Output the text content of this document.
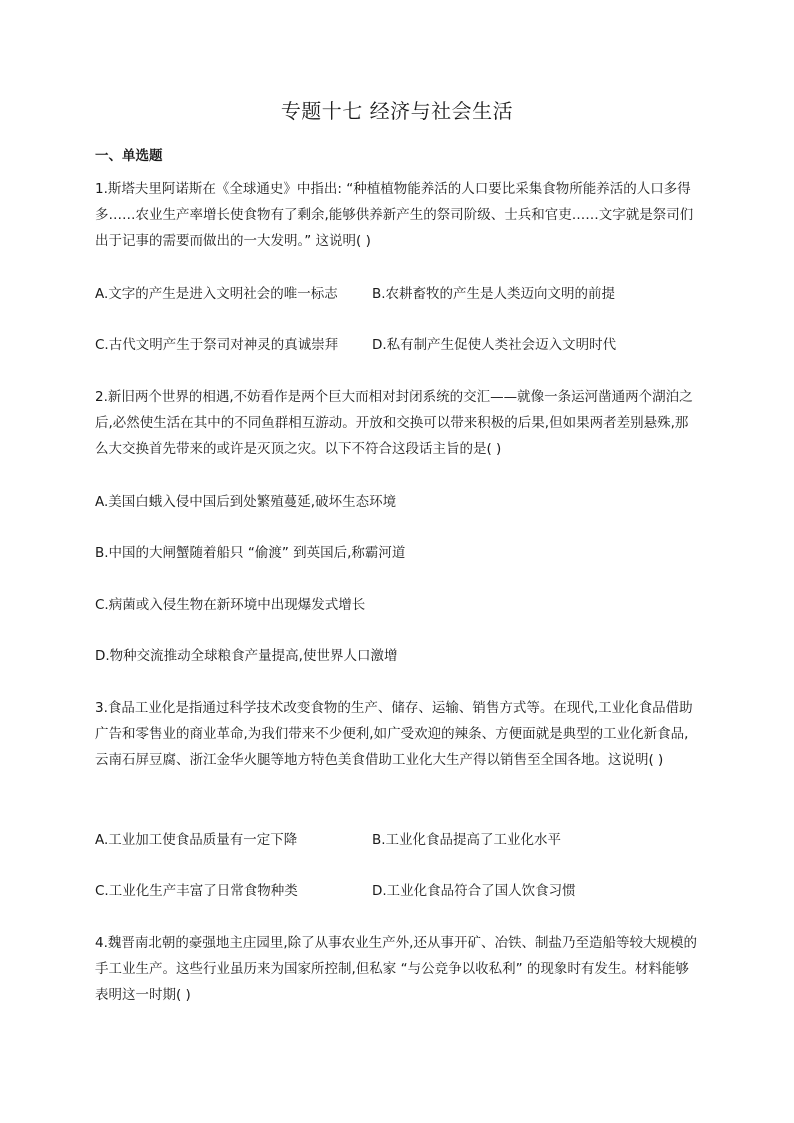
专题十七 经济与社会生活
一、单选题
1.斯塔夫里阿诺斯在《全球通史》中指出: “种植植物能养活的人口要比采集食物所能养活的人口多得多……农业生产率增长使食物有了剩余,能够供养新产生的祭司阶级、士兵和官吏……文字就是祭司们出于记事的需要而做出的一大发明。” 这说明( )
A.文字的产生是进入文明社会的唯一标志	B.农耕畜牧的产生是人类迈向文明的前提
C.古代文明产生于祭司对神灵的真诚崇拜	D.私有制产生促使人类社会迈入文明时代
2.新旧两个世界的相遇,不妨看作是两个巨大而相对封闭系统的交汇——就像一条运河凿通两个湖泊之后,必然使生活在其中的不同鱼群相互游动。开放和交换可以带来积极的后果,但如果两者差别悬殊,那么大交换首先带来的或许是灭顶之灾。以下不符合这段话主旨的是( )
A.美国白蛾入侵中国后到处繁殖蔓延,破坏生态环境
B.中国的大闸蟹随着船只 “偷渡” 到英国后,称霸河道
C.病菌或入侵生物在新环境中出现爆发式增长
D.物种交流推动全球粮食产量提高,使世界人口激增
3.食品工业化是指通过科学技术改变食物的生产、储存、运输、销售方式等。在现代,工业化食品借助广告和零售业的商业革命,为我们带来不少便利,如广受欢迎的辣条、方便面就是典型的工业化新食品,云南石屏豆腐、浙江金华火腿等地方特色美食借助工业化大生产得以销售至全国各地。这说明( )
A.工业加工使食品质量有一定下降	B.工业化食品提高了工业化水平
C.工业化生产丰富了日常食物种类	D.工业化食品符合了国人饮食习惯
4.魏晋南北朝的豪强地主庄园里,除了从事农业生产外,还从事开矿、冶铁、制盐乃至造船等较大规模的手工业生产。这些行业虽历来为国家所控制,但私家 “与公竞争以收私利” 的现象时有发生。材料能够表明这一时期( )
